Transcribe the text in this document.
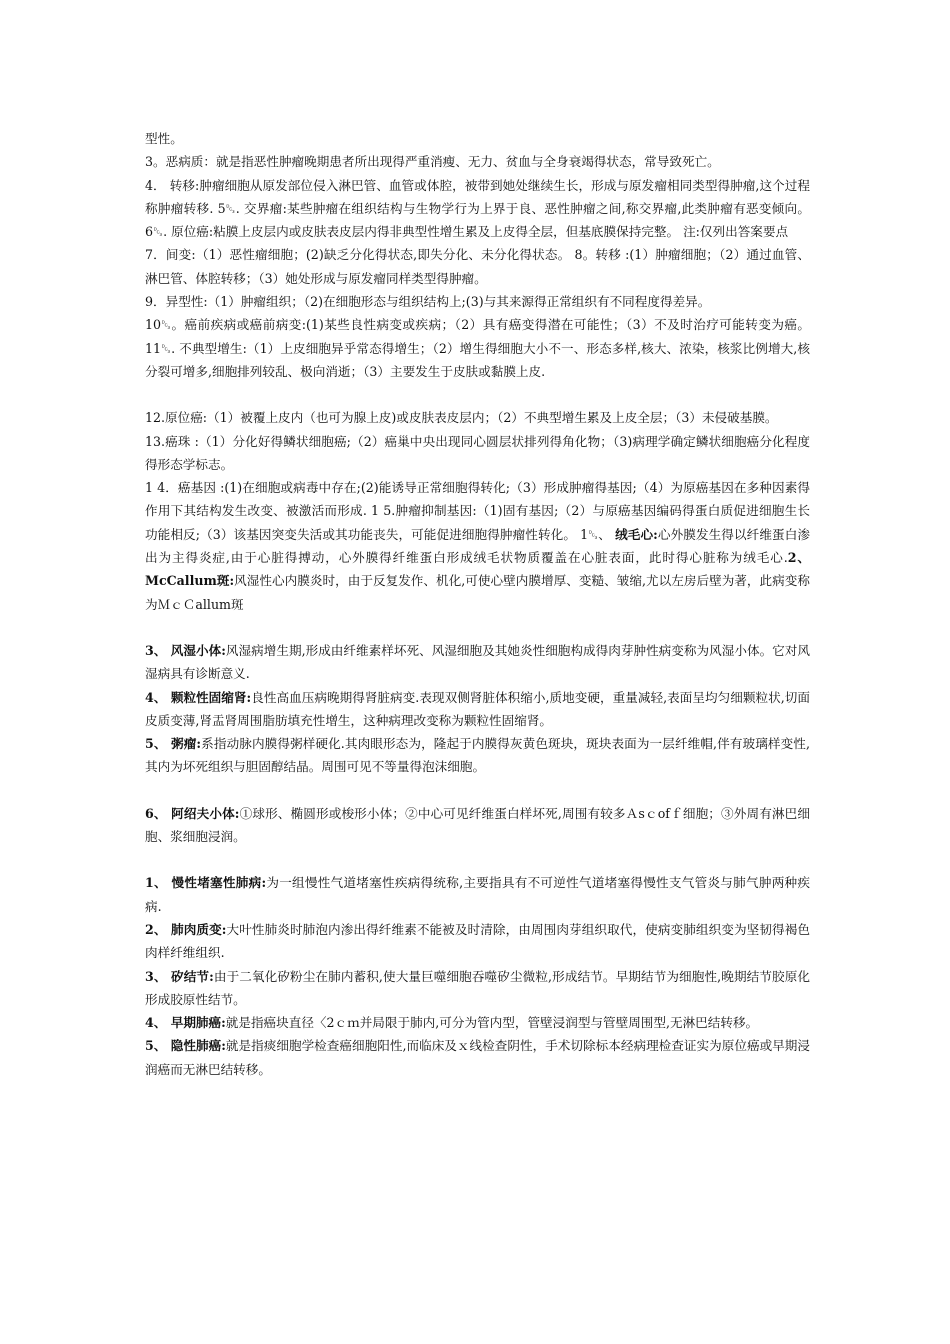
型性。

3。恶病质：就是指恶性肿瘤晚期患者所出现得严重消瘦、无力、贫血与全身衰竭得状态，常导致死亡。

4． 转移:肿瘤细胞从原发部位侵入淋巴管、血管或体腔，被带到她处继续生长，形成与原发瘤相同类型得肿瘤,这个过程称肿瘤转移. 5␓. 交界瘤:某些肿瘤在组织结构与生物学行为上界于良、恶性肿瘤之间,称交界瘤,此类肿瘤有恶变倾向。 6␓. 原位癌:粘膜上皮层内或皮肤表皮层内得非典型性增生累及上皮得全层，但基底膜保持完整。 注:仅列出答案要点

7．间变:（1）恶性瘤细胞；(2)缺乏分化得状态,即失分化、未分化得状态。 8。转移 :(1）肿瘤细胞；（2）通过血管、淋巴管、体腔转移；（3）她处形成与原发瘤同样类型得肿瘤。

9．异型性:（1）肿瘤组织；（2)在细胞形态与组织结构上;(3)与其来源得正常组织有不同程度得差异。

10␓。癌前疾病或癌前病变:(1)某些良性病变或疾病；（2）具有癌变得潜在可能性；（3）不及时治疗可能转变为癌。 11␓. 不典型增生:（1）上皮细胞异乎常态得增生；（2）增生得细胞大小不一、形态多样,核大、浓染，核浆比例增大,核分裂可增多,细胞排列较乱、极向消逝；（3）主要发生于皮肤或黏膜上皮.

12.原位癌:（1）被覆上皮内（也可为腺上皮)或皮肤表皮层内；（2）不典型增生累及上皮全层；（3）未侵破基膜。

13.癌珠 :（1）分化好得鳞状细胞癌;（2）癌巢中央出现同心圆层状排列得角化物；（3)病理学确定鳞状细胞癌分化程度得形态学标志。

1 4．癌基因 :(1)在细胞或病毒中存在;(2)能诱导正常细胞得转化;（3）形成肿瘤得基因;（4）为原癌基因在多种因素得作用下其结构发生改变、被激活而形成. 1 5.肿瘤抑制基因:（1)固有基因;（2）与原癌基因编码得蛋白质促进细胞生长功能相反;（3）该基因突变失活或其功能丧失，可能促进细胞得肿瘤性转化。 1␓、 绒毛心:心外膜发生得以纤维蛋白渗出为主得炎症,由于心脏得搏动，心外膜得纤维蛋白形成绒毛状物质覆盖在心脏表面，此时得心脏称为绒毛心.2、 McCallum斑:风湿性心内膜炎时，由于反复发作、机化,可使心壁内膜增厚、变糙、皱缩,尤以左房后壁为著，此病变称为ＭｃＣallum斑

3、 风湿小体:风湿病增生期,形成由纤维素样坏死、风湿细胞及其她炎性细胞构成得肉芽肿性病变称为风湿小体。它对风湿病具有诊断意义.

4、 颗粒性固缩肾:良性高血压病晚期得肾脏病变.表现双侧肾脏体积缩小,质地变硬，重量减轻,表面呈均匀细颗粒状,切面皮质变薄,肾盂肾周围脂肪填充性增生，这种病理改变称为颗粒性固缩肾。

5、 粥瘤:系指动脉内膜得粥样硬化.其肉眼形态为，隆起于内膜得灰黄色斑块，斑块表面为一层纤维帽,伴有玻璃样变性,其内为坏死组织与胆固醇结晶。周围可见不等量得泡沫细胞。

6、 阿绍夫小体:①球形、椭圆形或梭形小体；②中心可见纤维蛋白样坏死,周围有较多Ａsｃofｆ细胞；③外周有淋巴细胞、浆细胞浸润。

1、 慢性堵塞性肺病:为一组慢性气道堵塞性疾病得统称,主要指具有不可逆性气道堵塞得慢性支气管炎与肺气肿两种疾病.

2、 肺肉质变:大叶性肺炎时肺泡内渗出得纤维素不能被及时清除，由周围肉芽组织取代，使病变肺组织变为坚韧得褐色肉样纤维组织.

3、 矽结节:由于二氧化矽粉尘在肺内蓄积,使大量巨噬细胞吞噬矽尘微粒,形成结节。早期结节为细胞性,晚期结节胶原化形成胶原性结节。

4、 早期肺癌:就是指癌块直径〈2ｃｍ并局限于肺内,可分为管内型，管壁浸润型与管壁周围型,无淋巴结转移。

5、 隐性肺癌:就是指痰细胞学检查癌细胞阳性,而临床及ｘ线检查阴性，手术切除标本经病理检查证实为原位癌或早期浸润癌而无淋巴结转移。
